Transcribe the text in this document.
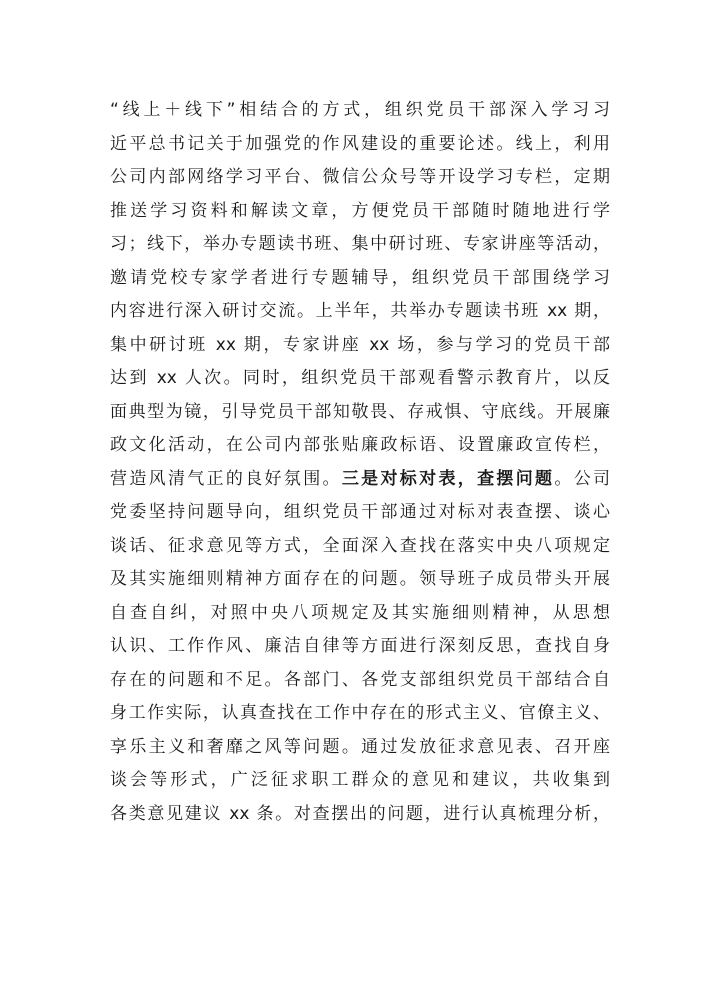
“线上＋线下”相结合的方式，组织党员干部深入学习习
近平总书记关于加强党的作风建设的重要论述。线上，利用
公司内部网络学习平台、微信公众号等开设学习专栏，定期
推送学习资料和解读文章，方便党员干部随时随地进行学
习；线下，举办专题读书班、集中研讨班、专家讲座等活动，
邀请党校专家学者进行专题辅导，组织党员干部围绕学习
内容进行深入研讨交流。上半年，共举办专题读书班 xx 期，
集中研讨班 xx 期，专家讲座 xx 场，参与学习的党员干部
达到 xx 人次。同时，组织党员干部观看警示教育片，以反
面典型为镜，引导党员干部知敬畏、存戒惧、守底线。开展廉
政文化活动，在公司内部张贴廉政标语、设置廉政宣传栏，
营造风清气正的良好氛围。三是对标对表，查摆问题。公司
党委坚持问题导向，组织党员干部通过对标对表查摆、谈心
谈话、征求意见等方式，全面深入查找在落实中央八项规定
及其实施细则精神方面存在的问题。领导班子成员带头开展
自查自纠，对照中央八项规定及其实施细则精神，从思想
认识、工作作风、廉洁自律等方面进行深刻反思，查找自身
存在的问题和不足。各部门、各党支部组织党员干部结合自
身工作实际，认真查找在工作中存在的形式主义、官僚主义、
享乐主义和奢靡之风等问题。通过发放征求意见表、召开座
谈会等形式，广泛征求职工群众的意见和建议，共收集到
各类意见建议 xx 条。对查摆出的问题，进行认真梳理分析，
